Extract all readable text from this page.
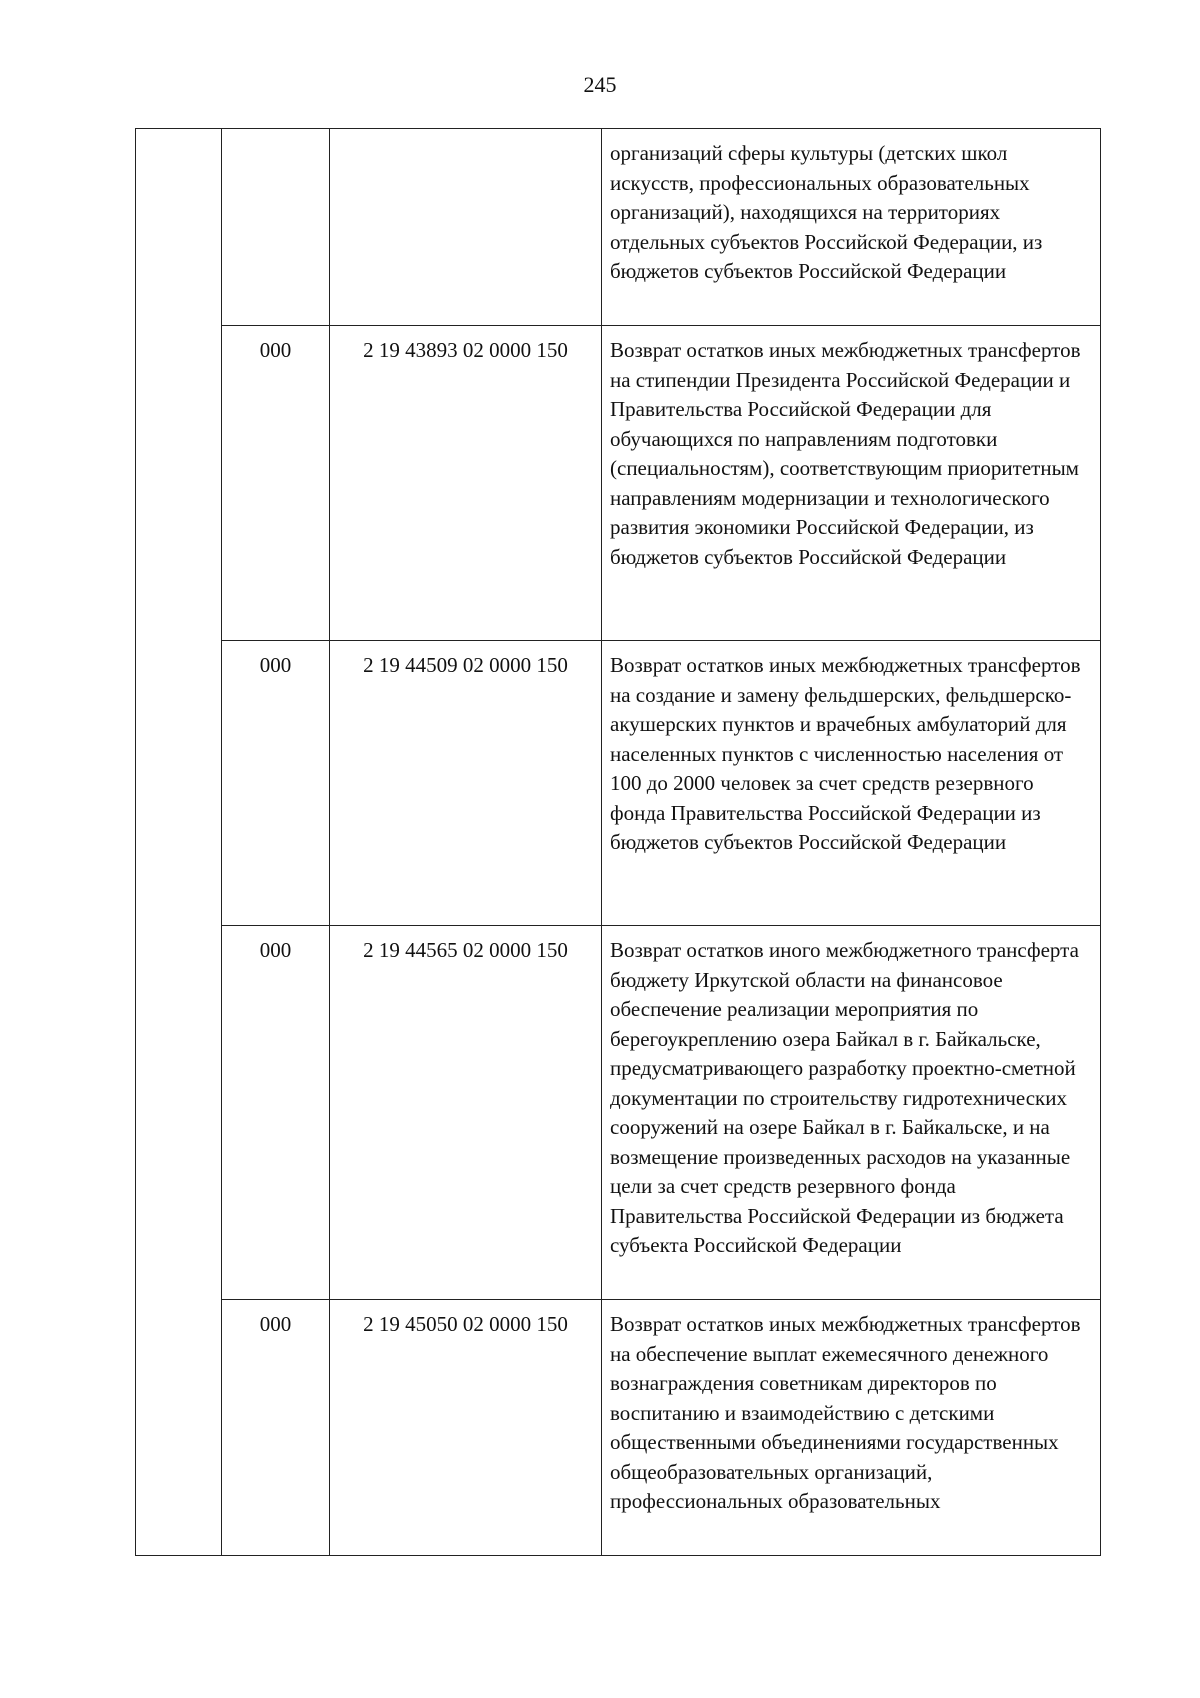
245
			организаций сферы культуры (детских школ искусств, профессиональных образовательных организаций), находящихся на территориях отдельных субъектов Российской Федерации, из бюджетов субъектов Российской Федерации
	000	2 19 43893 02 0000 150	Возврат остатков иных межбюджетных трансфертов на стипендии Президента Российской Федерации и Правительства Российской Федерации для обучающихся по направлениям подготовки (специальностям), соответствующим приоритетным направлениям модернизации и технологического развития экономики Российской Федерации, из бюджетов субъектов Российской Федерации
	000	2 19 44509 02 0000 150	Возврат остатков иных межбюджетных трансфертов на создание и замену фельдшерских, фельдшерско-акушерских пунктов и врачебных амбулаторий для населенных пунктов с численностью населения от 100 до 2000 человек за счет средств резервного фонда Правительства Российской Федерации из бюджетов субъектов Российской Федерации
	000	2 19 44565 02 0000 150	Возврат остатков иного межбюджетного трансферта бюджету Иркутской области на финансовое обеспечение реализации мероприятия по берегоукреплению озера Байкал в г. Байкальске, предусматривающего разработку проектно-сметной документации по строительству гидротехнических сооружений на озере Байкал в г. Байкальске, и на возмещение произведенных расходов на указанные цели за счет средств резервного фонда Правительства Российской Федерации из бюджета субъекта Российской Федерации
	000	2 19 45050 02 0000 150	Возврат остатков иных межбюджетных трансфертов на обеспечение выплат ежемесячного денежного вознаграждения советникам директоров по воспитанию и взаимодействию с детскими общественными объединениями государственных общеобразовательных организаций, профессиональных образовательных
